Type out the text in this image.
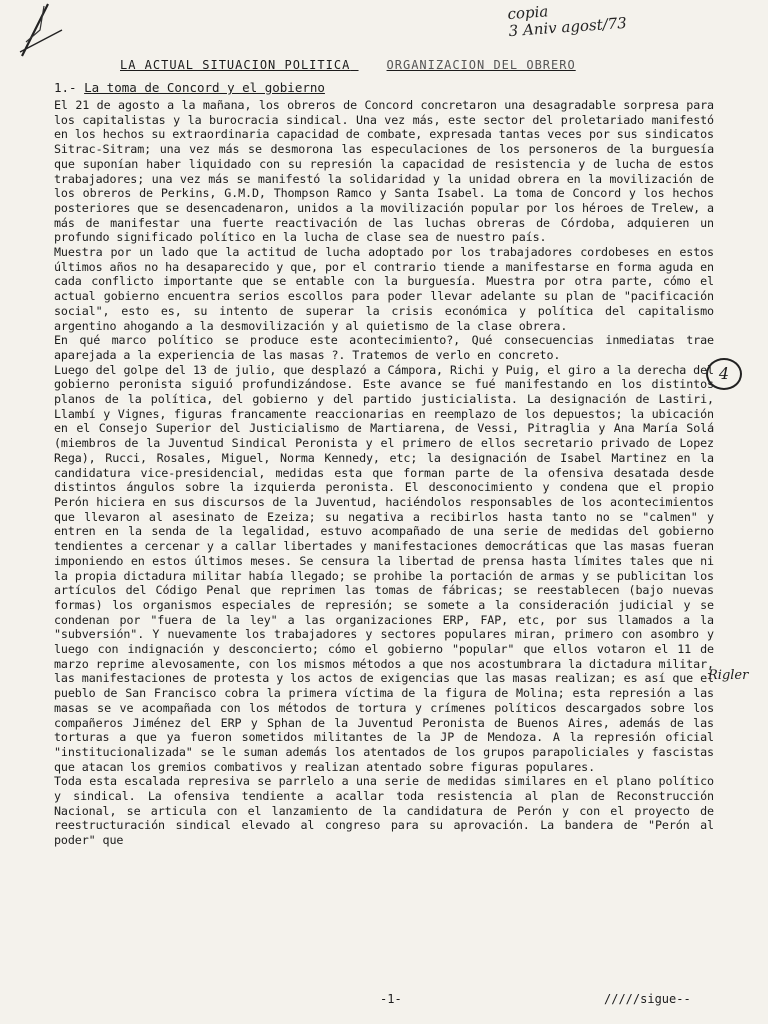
copia
3 Aniv agost/73
LA ACTUAL SITUACION POLITICA	ORGANIZACION DEL OBRERO
1.- La toma de Concord y el gobierno

El 21 de agosto a la mañana, los obreros de Concord concretaron una desagradable sorpresa para los capitalistas y la burocracia sindical. Una vez más, este sector del proletariado manifestó en los hechos su extraordinaria capacidad de combate, expresada tantas veces por sus sindicatos Sitrac-Sitram; una vez más se desmorona las especulaciones de los personeros de la burguesía que suponían haber liquidado con su represión la capacidad de resistencia y de lucha de estos trabajadores; una vez más se manifestó la solidaridad y la unidad obrera en la movilización de los obreros de Perkins, G.M.D, Thompson Ramco y Santa Isabel. La toma de Concord y los hechos posteriores que se desencadenaron, unidos a la movilización popular por los héroes de Trelew, a más de manifestar una fuerte reactivación de las luchas obreras de Córdoba, adquieren un profundo significado político en la lucha de clase sea de nuestro país.

Muestra por un lado que la actitud de lucha adoptado por los trabajadores cordobeses en estos últimos años no ha desaparecido y que, por el contrario tiende a manifestarse en forma aguda en cada conflicto importante que se entable con la burguesía. Muestra por otra parte, cómo el actual gobierno encuentra serios escollos para poder llevar adelante su plan de "pacificación social", esto es, su intento de superar la crisis económica y política del capitalismo argentino ahogando a la desmovilización y al quietismo de la clase obrera.

En qué marco político se produce este acontecimiento?, Qué consecuencias inmediatas trae aparejada a la experiencia de las masas ?. Tratemos de verlo en concreto.

Luego del golpe del 13 de julio, que desplazó a Cámpora, Richi y Puig, el giro a la derecha del gobierno peronista siguió profundizándose. Este avance se fué manifestando en los distintos planos de la política, del gobierno y del partido justicialista. La designación de Lastiri, Llambí y Vignes, figuras francamente reaccionarias en reemplazo de los depuestos; la ubicación en el Consejo Superior del Justicialismo de Martiarena, de Vessi, Pitraglia y Ana María Solá (miembros de la Juventud Sindical Peronista y el primero de ellos secretario privado de Lopez Rega), Rucci, Rosales, Miguel, Norma Kennedy, etc; la designación de Isabel Martinez en la candidatura vice-presidencial, medidas esta que forman parte de la ofensiva desatada desde distintos ángulos sobre la izquierda peronista. El desconocimiento y condena que el propio Perón hiciera en sus discursos de la Juventud, haciéndolos responsables de los acontecimientos que llevaron al asesinato de Ezeiza; su negativa a recibirlos hasta tanto no se "calmen" y entren en la senda de la legalidad, estuvo acompañado de una serie de medidas del gobierno tendientes a cercenar y a callar libertades y manifestaciones democráticas que las masas fueran imponiendo en estos últimos meses. Se censura la libertad de prensa hasta límites tales que ni la propia dictadura militar había llegado; se prohibe la portación de armas y se publicitan los artículos del Código Penal que reprimen las tomas de fábricas; se reestablecen (bajo nuevas formas) los organismos especiales de represión; se somete a la consideración judicial y se condenan por "fuera de la ley" a las organizaciones ERP, FAP, etc, por sus llamados a la "subversión". Y nuevamente los trabajadores y sectores populares miran, primero con asombro y luego con indignación y desconcierto; cómo el gobierno "popular" que ellos votaron el 11 de marzo reprime alevosamente, con los mismos métodos a que nos acostumbrara la dictadura militar, las manifestaciones de protesta y los actos de exigencias que las masas realizan; es así que el pueblo de San Francisco cobra la primera víctima de la figura de Molina; esta represión a las masas se ve acompañada con los métodos de tortura y crímenes políticos descargados sobre los compañeros Jiménez del ERP y Sphan de la Juventud Peronista de Buenos Aires, además de las torturas a que ya fueron sometidos militantes de la JP de Mendoza. A la represión oficial "institucionalizada" se le suman además los atentados de los grupos parapoliciales y fascistas que atacan los gremios combativos y realizan atentado sobre figuras populares.

Toda esta escalada represiva se parrlelo a una serie de medidas similares en el plano político y sindical. La ofensiva tendiente a acallar toda resistencia al plan de Reconstrucción Nacional, se articula con el lanzamiento de la candidatura de Perón y con el proyecto de reestructuración sindical elevado al congreso para su aprovación. La bandera de "Perón al poder" que

4
Rigler
-1-	/////sigue--
